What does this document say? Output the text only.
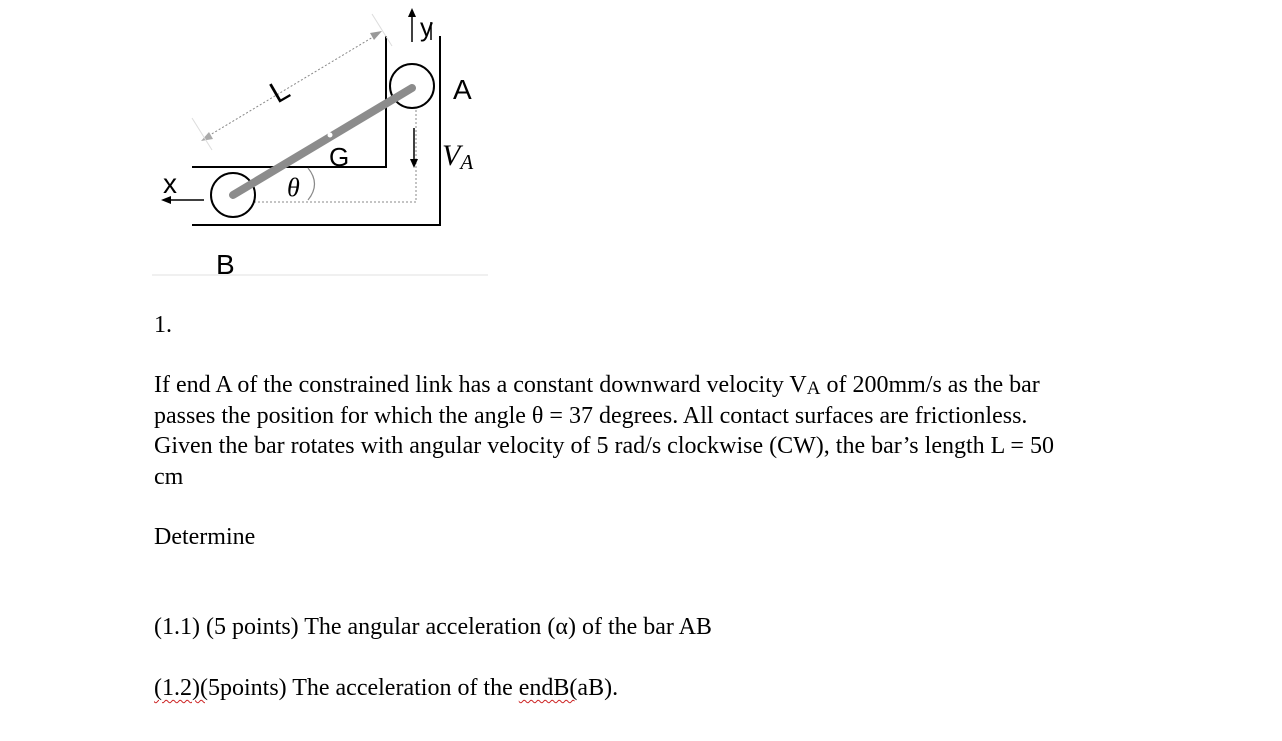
y
A
L
G
θ
x
B
VA

1.

If end A of the constrained link has a constant downward velocity VA of 200mm/s as the bar

passes the position for which the angle θ = 37 degrees. All contact surfaces are frictionless.

Given the bar rotates with angular velocity of 5 rad/s clockwise (CW), the bar’s length L = 50

cm

Determine

(1.1) (5 points) The angular acceleration (α) of the bar AB

(1.2)(5points) The acceleration of the endB(aB).
